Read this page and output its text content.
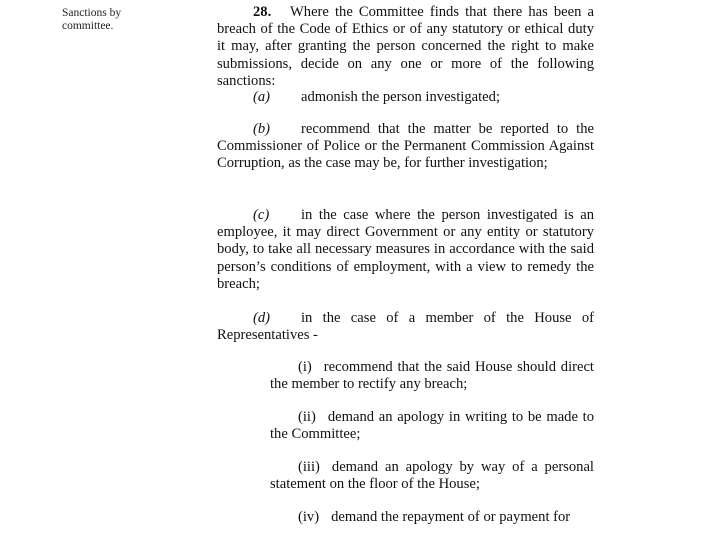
Sanctions by committee.

28. Where the Committee finds that there has been a breach of the Code of Ethics or of any statutory or ethical duty it may, after granting the person concerned the right to make submissions, decide on any one or more of the following sanctions:

(a) admonish the person investigated;

(b) recommend that the matter be reported to the Commissioner of Police or the Permanent Commission Against Corruption, as the case may be, for further investigation;

(c) in the case where the person investigated is an employee, it may direct Government or any entity or statutory body, to take all necessary measures in accordance with the said person’s conditions of employment, with a view to remedy the breach;

(d) in the case of a member of the House of Representatives -

(i) recommend that the said House should direct the member to rectify any breach;

(ii) demand an apology in writing to be made to the Committee;

(iii) demand an apology by way of a personal statement on the floor of the House;

(iv) demand the repayment of or payment for
